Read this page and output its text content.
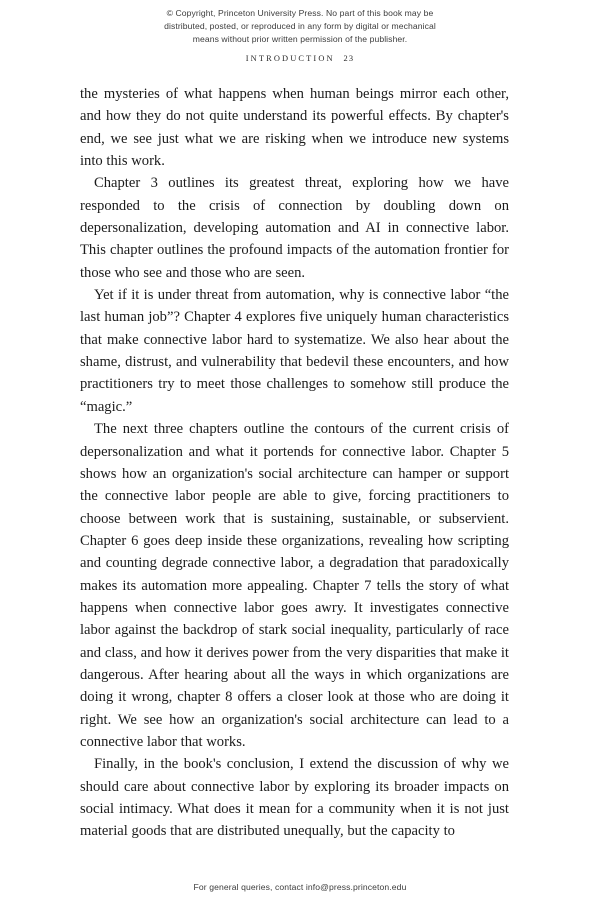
© Copyright, Princeton University Press. No part of this book may be
distributed, posted, or reproduced in any form by digital or mechanical
means without prior written permission of the publisher.
INTRODUCTION 23

the mysteries of what happens when human beings mirror each other, and how they do not quite understand its powerful effects. By chapter's end, we see just what we are risking when we introduce new systems into this work.

Chapter 3 outlines its greatest threat, exploring how we have responded to the crisis of connection by doubling down on depersonalization, developing automation and AI in connective labor. This chapter outlines the profound impacts of the automation frontier for those who see and those who are seen.

Yet if it is under threat from automation, why is connective labor “the last human job”? Chapter 4 explores five uniquely human characteristics that make connective labor hard to systematize. We also hear about the shame, distrust, and vulnerability that bedevil these encounters, and how practitioners try to meet those challenges to somehow still produce the “magic.”

The next three chapters outline the contours of the current crisis of depersonalization and what it portends for connective labor. Chapter 5 shows how an organization's social architecture can hamper or support the connective labor people are able to give, forcing practitioners to choose between work that is sustaining, sustainable, or subservient. Chapter 6 goes deep inside these organizations, revealing how scripting and counting degrade connective labor, a degradation that paradoxically makes its automation more appealing. Chapter 7 tells the story of what happens when connective labor goes awry. It investigates connective labor against the backdrop of stark social inequality, particularly of race and class, and how it derives power from the very disparities that make it dangerous. After hearing about all the ways in which organizations are doing it wrong, chapter 8 offers a closer look at those who are doing it right. We see how an organization's social architecture can lead to a connective labor that works.

Finally, in the book's conclusion, I extend the discussion of why we should care about connective labor by exploring its broader impacts on social intimacy. What does it mean for a community when it is not just material goods that are distributed unequally, but the capacity to

For general queries, contact info@press.princeton.edu
